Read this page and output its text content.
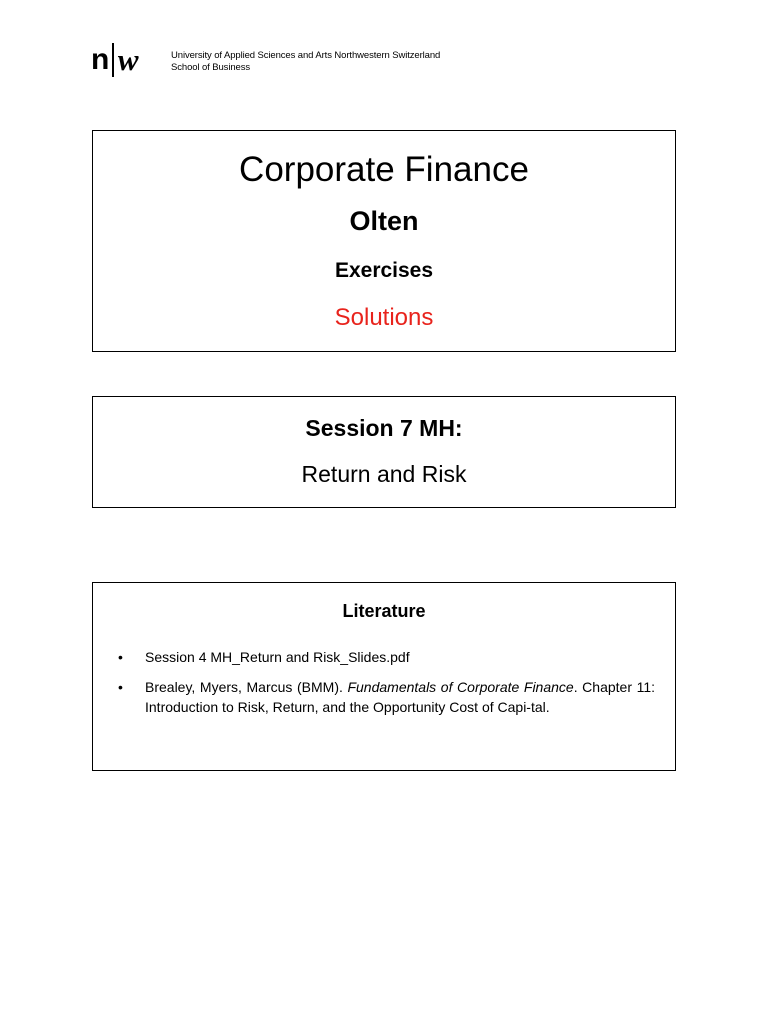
n w	University of Applied Sciences and Arts Northwestern Switzerland
School of Business
Corporate Finance
Olten
Exercises
Solutions
Session 7 MH:
Return and Risk
Literature
• Session 4 MH_Return and Risk_Slides.pdf
• Brealey, Myers, Marcus (BMM). Fundamentals of Corporate Finance. Chapter 11: Introduction to Risk, Return, and the Opportunity Cost of Capi-tal.
